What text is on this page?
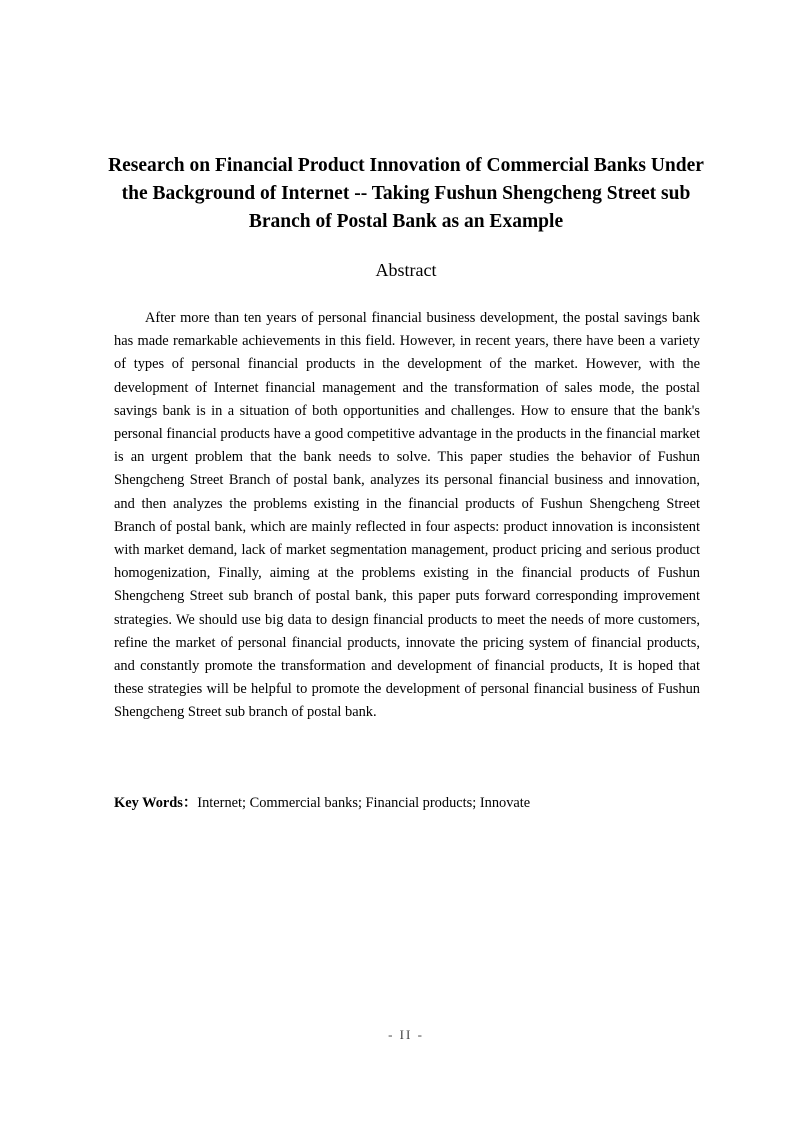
Research on Financial Product Innovation of Commercial Banks Under the Background of Internet -- Taking Fushun Shengcheng Street sub Branch of Postal Bank as an Example
Abstract

After more than ten years of personal financial business development, the postal savings bank has made remarkable achievements in this field. However, in recent years, there have been a variety of types of personal financial products in the development of the market. However, with the development of Internet financial management and the transformation of sales mode, the postal savings bank is in a situation of both opportunities and challenges. How to ensure that the bank's personal financial products have a good competitive advantage in the products in the financial market is an urgent problem that the bank needs to solve. This paper studies the behavior of Fushun Shengcheng Street Branch of postal bank, analyzes its personal financial business and innovation, and then analyzes the problems existing in the financial products of Fushun Shengcheng Street Branch of postal bank, which are mainly reflected in four aspects: product innovation is inconsistent with market demand, lack of market segmentation management, product pricing and serious product homogenization, Finally, aiming at the problems existing in the financial products of Fushun Shengcheng Street sub branch of postal bank, this paper puts forward corresponding improvement strategies. We should use big data to design financial products to meet the needs of more customers, refine the market of personal financial products, innovate the pricing system of financial products, and constantly promote the transformation and development of financial products, It is hoped that these strategies will be helpful to promote the development of personal financial business of Fushun Shengcheng Street sub branch of postal bank.

Key Words：Internet; Commercial banks; Financial products; Innovate

- II -
